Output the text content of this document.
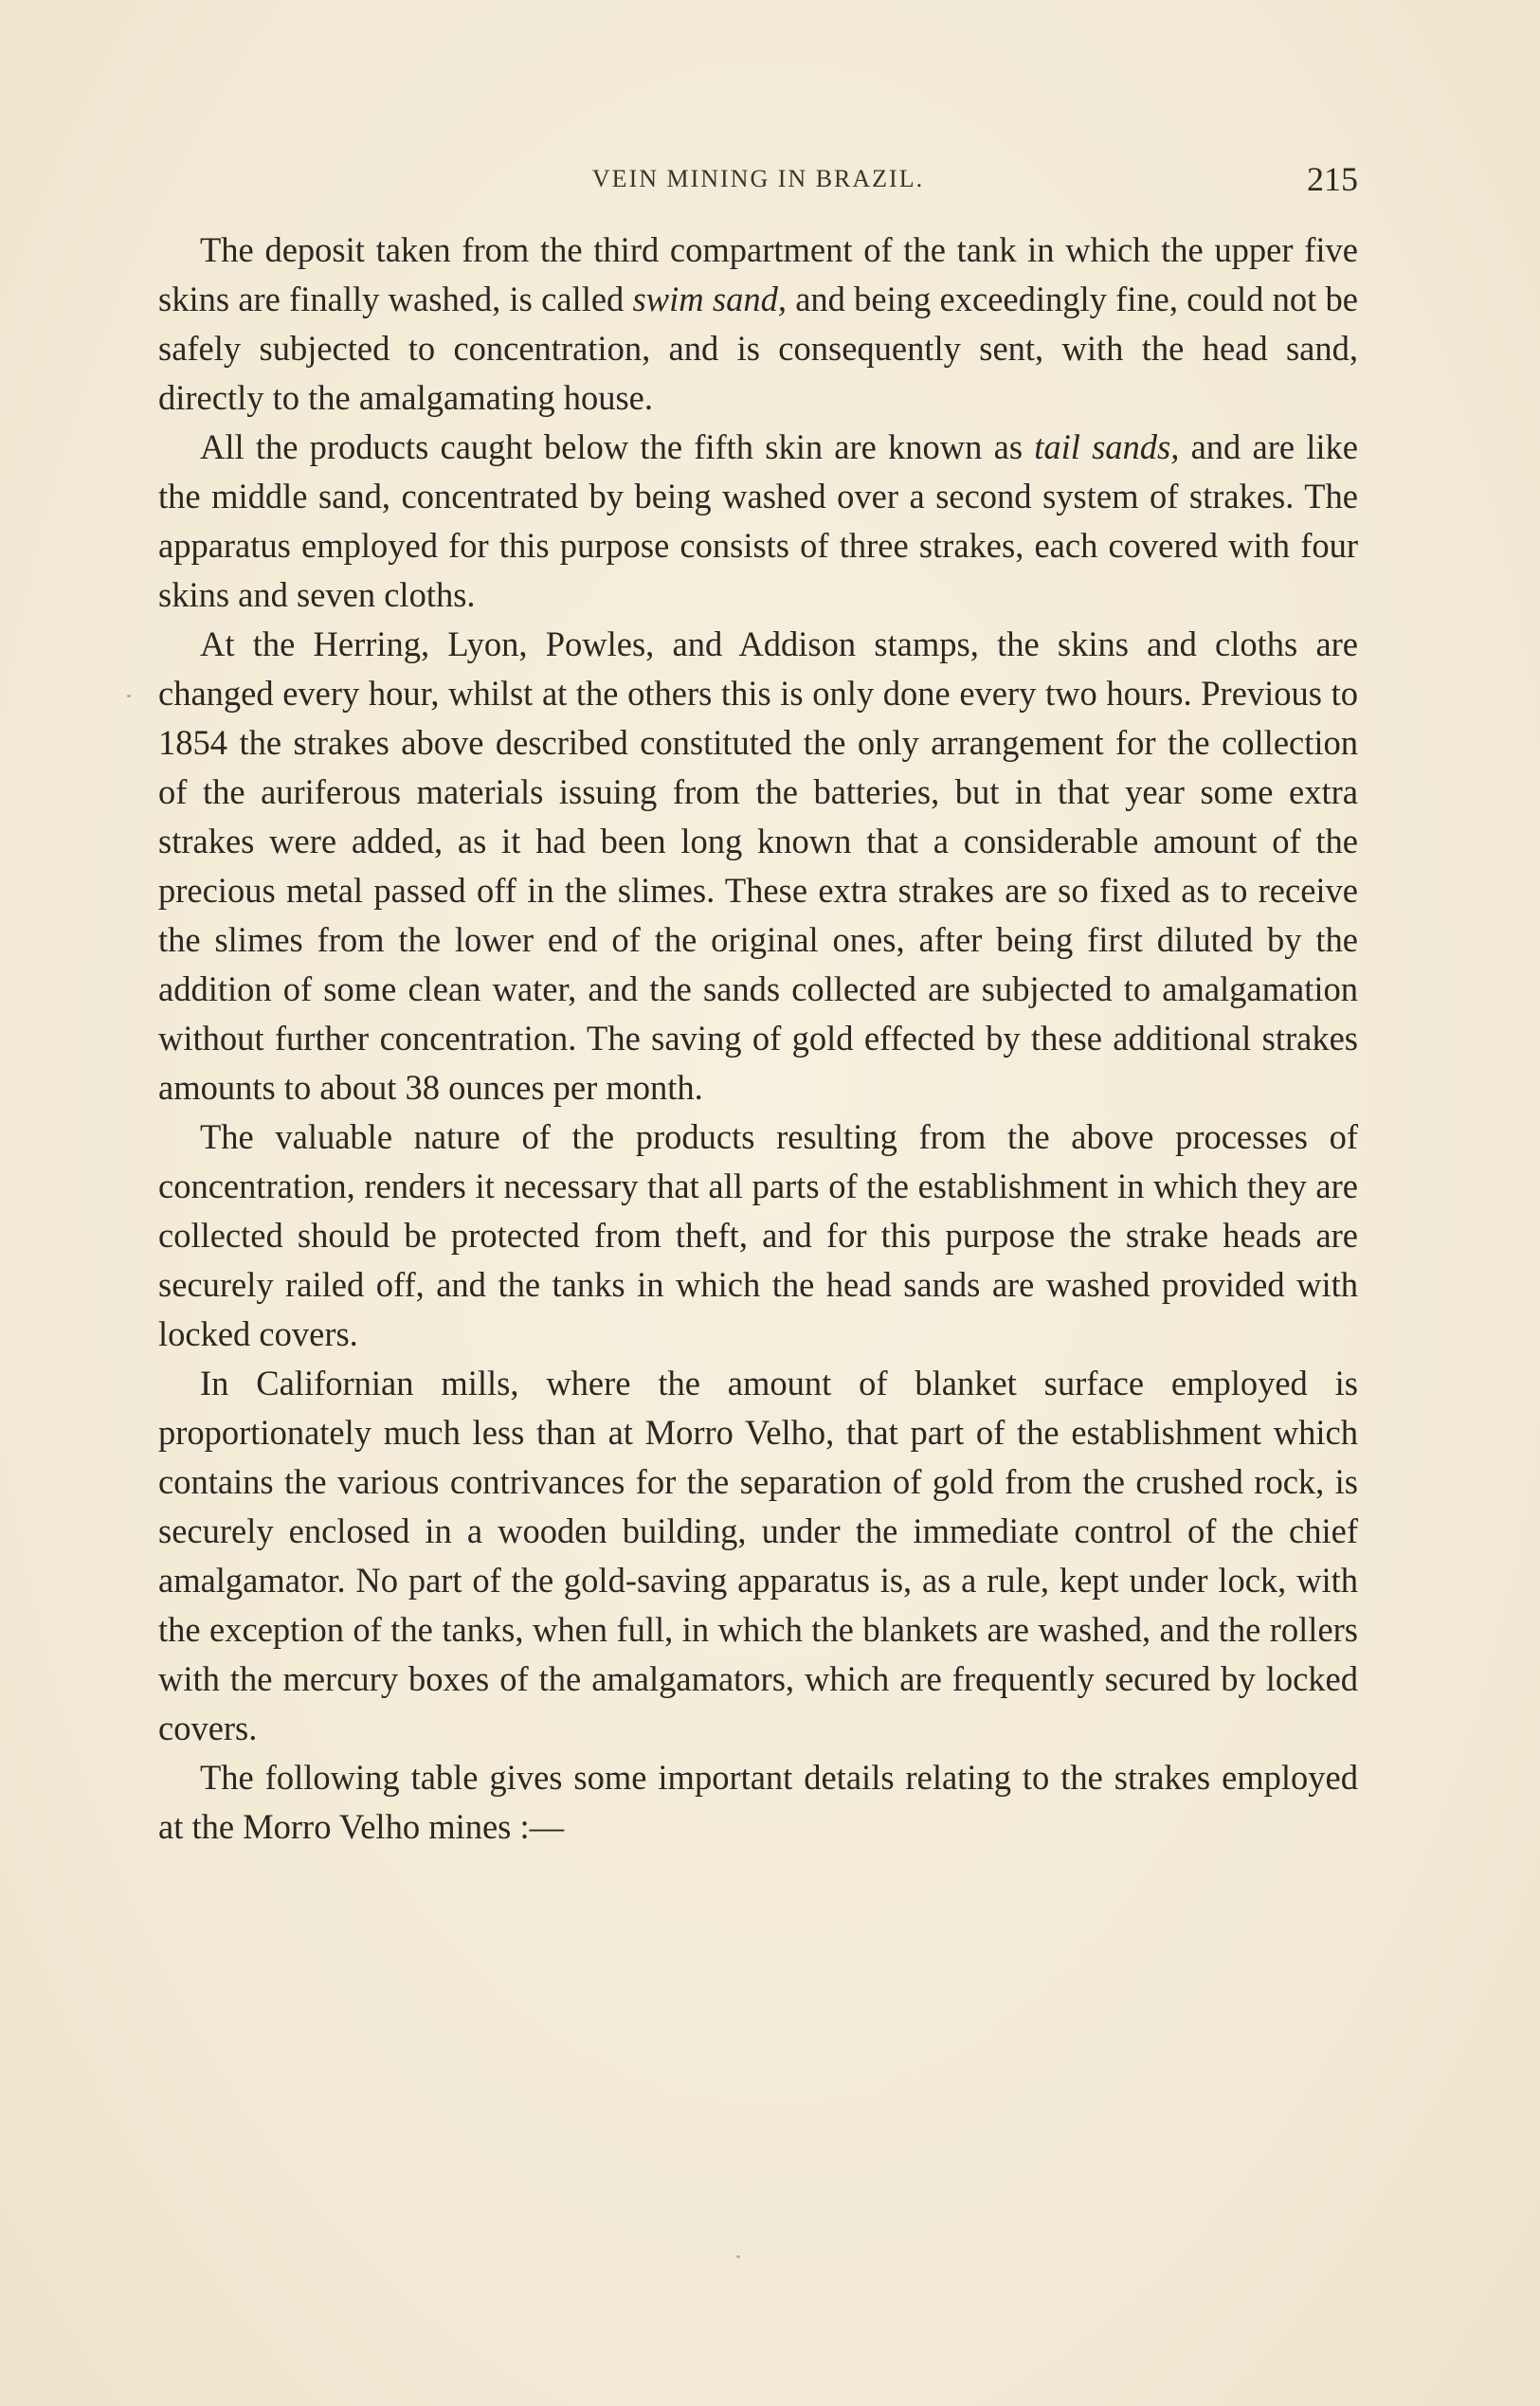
VEIN MINING IN BRAZIL.	215

The deposit taken from the third compartment of the tank in which the upper five skins are finally washed, is called swim sand, and being exceedingly fine, could not be safely subjected to concentration, and is consequently sent, with the head sand, directly to the amalgamating house.

All the products caught below the fifth skin are known as tail sands, and are like the middle sand, concentrated by being washed over a second system of strakes. The apparatus employed for this purpose consists of three strakes, each covered with four skins and seven cloths.

At the Herring, Lyon, Powles, and Addison stamps, the skins and cloths are changed every hour, whilst at the others this is only done every two hours. Previous to 1854 the strakes above described constituted the only arrangement for the collection of the auriferous materials issuing from the batteries, but in that year some extra strakes were added, as it had been long known that a considerable amount of the precious metal passed off in the slimes. These extra strakes are so fixed as to receive the slimes from the lower end of the original ones, after being first diluted by the addition of some clean water, and the sands collected are subjected to amalgamation without further concentration. The saving of gold effected by these additional strakes amounts to about 38 ounces per month.

The valuable nature of the products resulting from the above processes of concentration, renders it necessary that all parts of the establishment in which they are collected should be protected from theft, and for this purpose the strake heads are securely railed off, and the tanks in which the head sands are washed provided with locked covers.

In Californian mills, where the amount of blanket surface employed is proportionately much less than at Morro Velho, that part of the establishment which contains the various contrivances for the separation of gold from the crushed rock, is securely enclosed in a wooden building, under the immediate control of the chief amalgamator. No part of the gold-saving apparatus is, as a rule, kept under lock, with the exception of the tanks, when full, in which the blankets are washed, and the rollers with the mercury boxes of the amalgamators, which are frequently secured by locked covers.

The following table gives some important details relating to the strakes employed at the Morro Velho mines :—
